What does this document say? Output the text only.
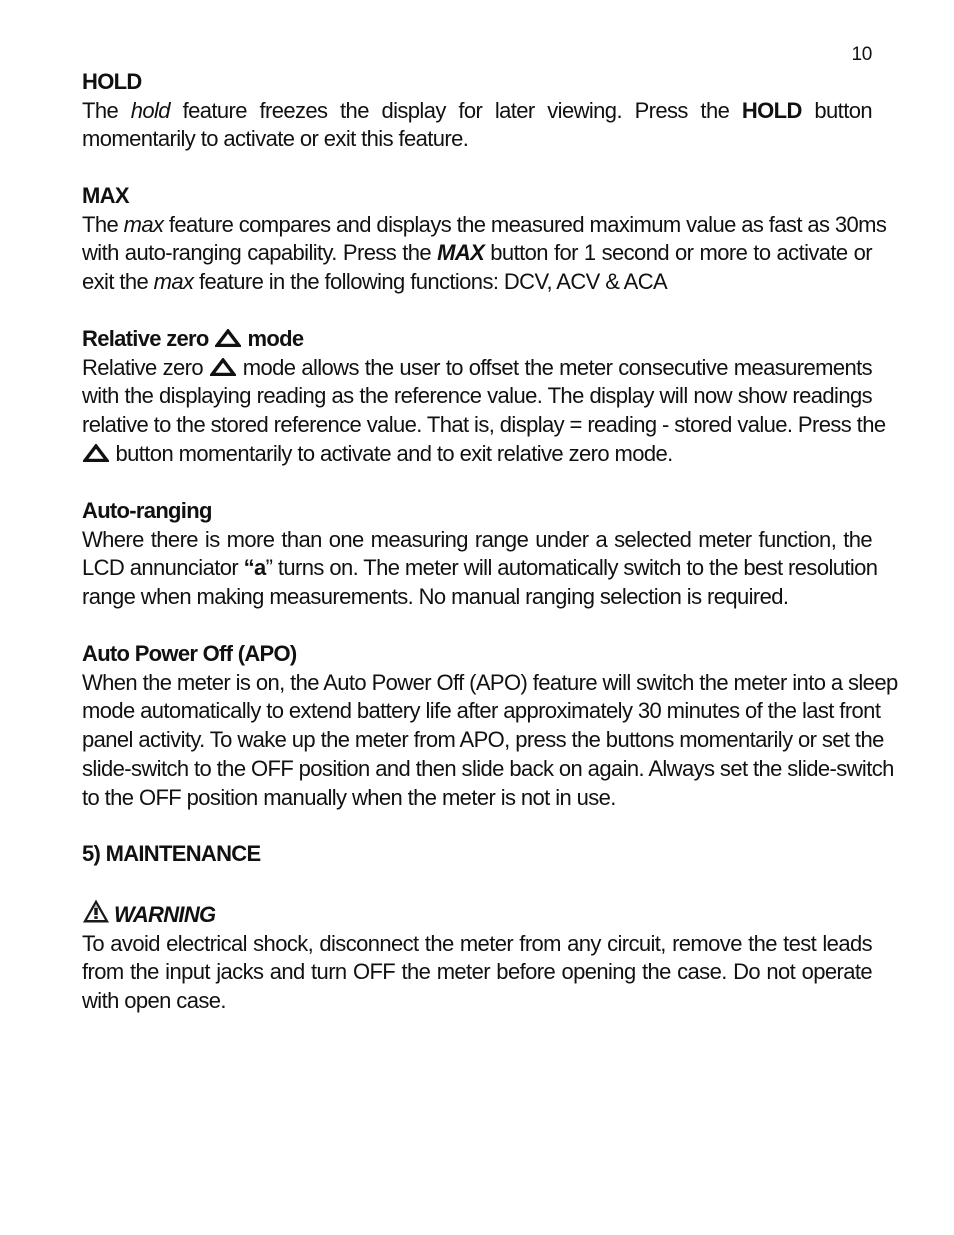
10
HOLD
The hold feature freezes the display for later viewing. Press the HOLD button
momentarily to activate or exit this feature.
MAX
The max feature compares and displays the measured maximum value as fast as 30ms
with auto-ranging capability. Press the MAX button for 1 second or more to activate or
exit the max feature in the following functions: DCV, ACV & ACA
Relative zero mode
Relative zero mode allows the user to offset the meter consecutive measurements
with the displaying reading as the reference value. The display will now show readings
relative to the stored reference value. That is, display = reading - stored value. Press the
button momentarily to activate and to exit relative zero mode.
Auto-ranging
Where there is more than one measuring range under a selected meter function, the
LCD annunciator “a” turns on. The meter will automatically switch to the best resolution
range when making measurements. No manual ranging selection is required.
Auto Power Off (APO)
When the meter is on, the Auto Power Off (APO) feature will switch the meter into a sleep
mode automatically to extend battery life after approximately 30 minutes of the last front
panel activity. To wake up the meter from APO, press the buttons momentarily or set the
slide-switch to the OFF position and then slide back on again. Always set the slide-switch
to the OFF position manually when the meter is not in use.
5) MAINTENANCE
WARNING
To avoid electrical shock, disconnect the meter from any circuit, remove the test leads
from the input jacks and turn OFF the meter before opening the case. Do not operate
with open case.
